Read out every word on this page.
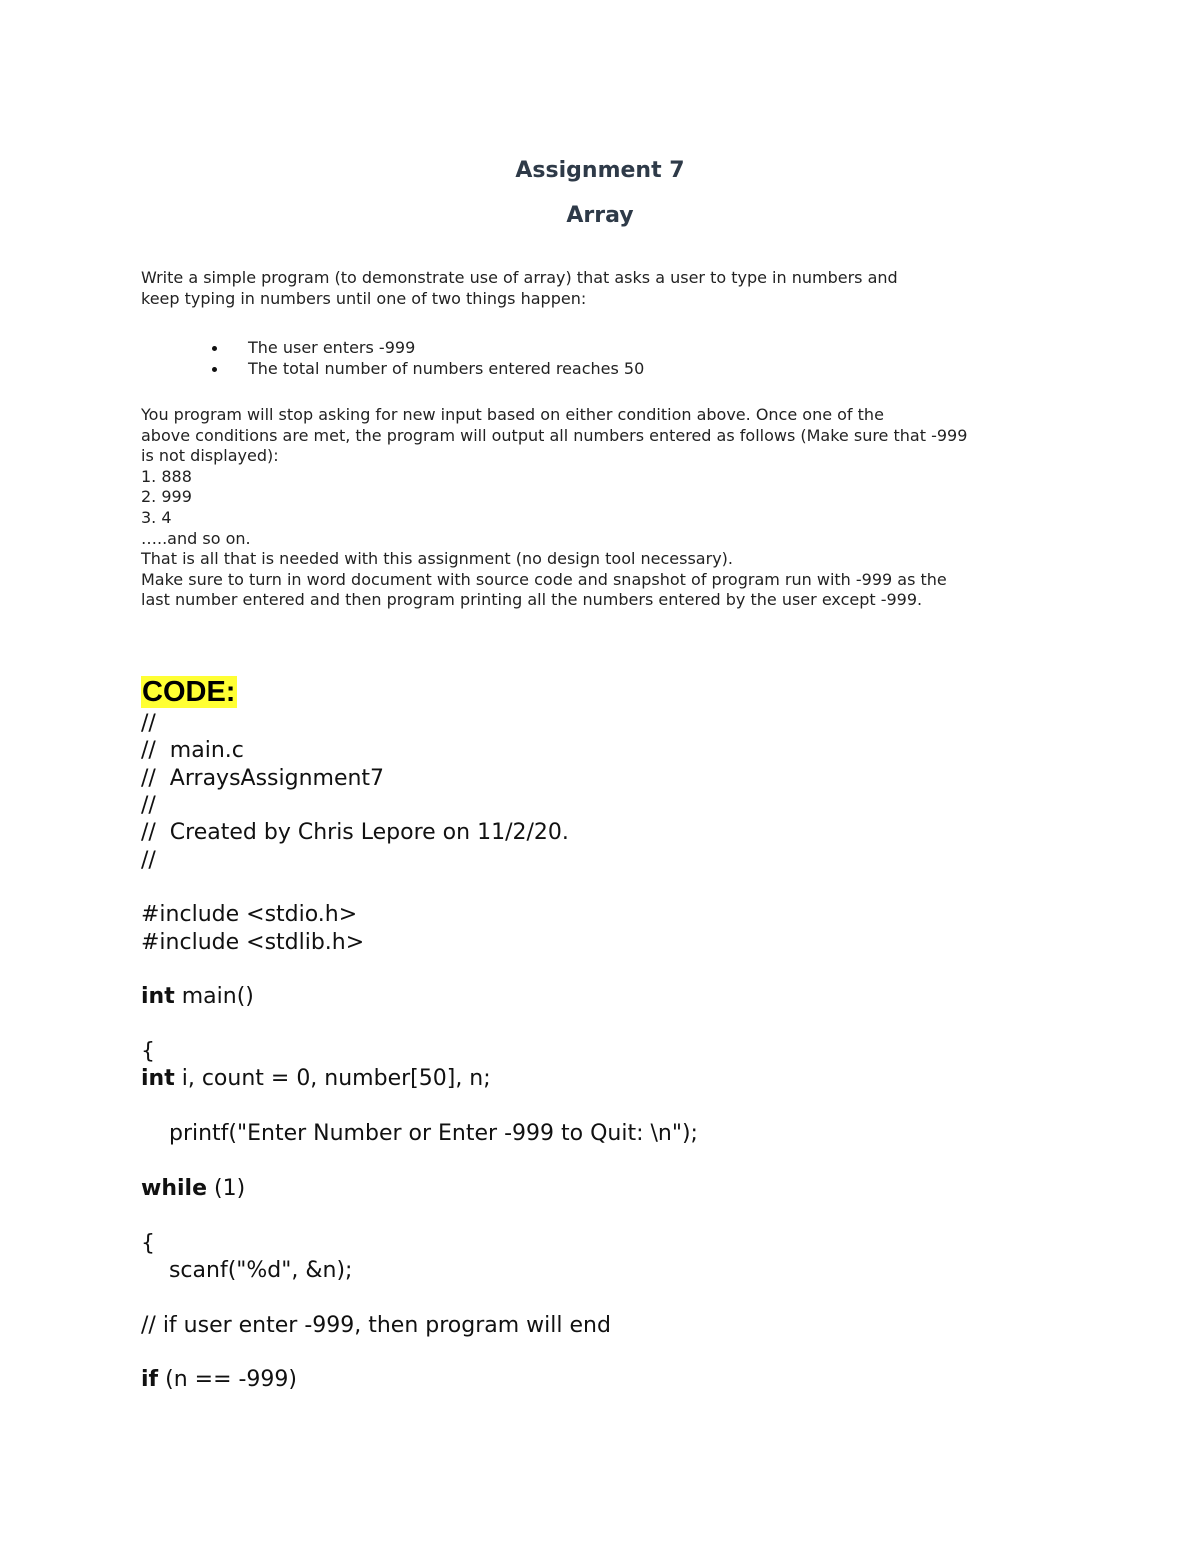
Assignment 7
Array

Write a simple program (to demonstrate use of array) that asks a user to type in numbers and
keep typing in numbers until one of two things happen:

The user enters -999
The total number of numbers entered reaches 50

You program will stop asking for new input based on either condition above. Once one of the
above conditions are met, the program will output all numbers entered as follows (Make sure that -999
is not displayed):
1. 888
2. 999
3. 4
…..and so on.
That is all that is needed with this assignment (no design tool necessary).
Make sure to turn in word document with source code and snapshot of program run with -999 as the
last number entered and then program printing all the numbers entered by the user except -999.

CODE:
//
//  main.c
//  ArraysAssignment7
//
//  Created by Chris Lepore on 11/2/20.
//
#include <stdio.h>
#include <stdlib.h>
int main()
{
int i, count = 0, number[50], n;
printf("Enter Number or Enter -999 to Quit: \n");
while (1)
{
scanf("%d", &n);
// if user enter -999, then program will end
if (n == -999)
